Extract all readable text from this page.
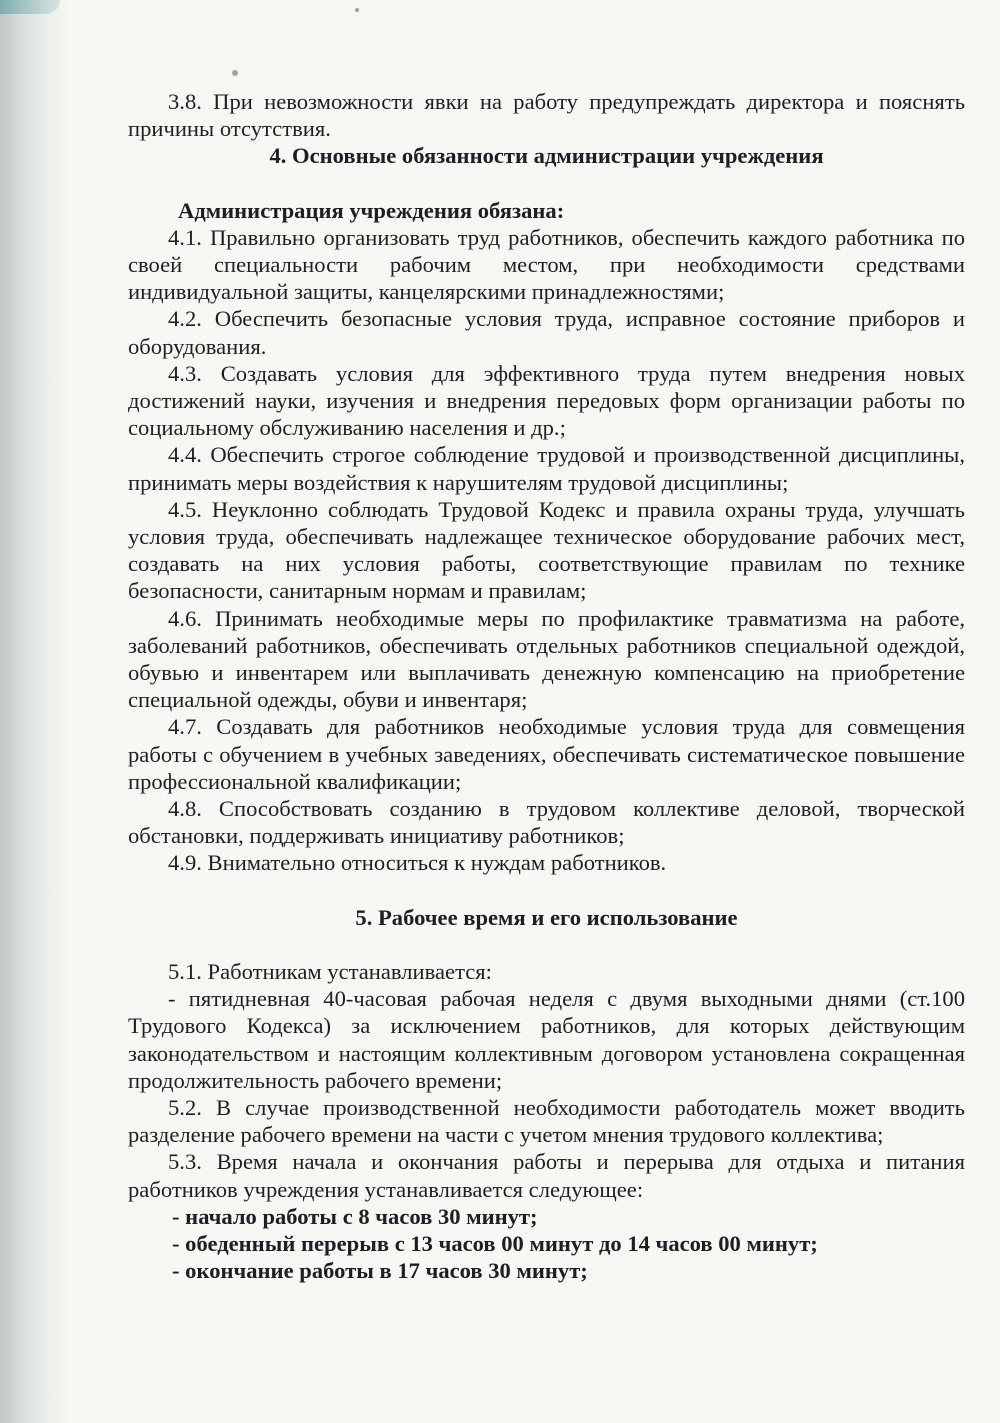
3.8. При невозможности явки на работу предупреждать директора и пояснять причины отсутствия.

4. Основные обязанности администрации учреждения

Администрация учреждения обязана:

4.1. Правильно организовать труд работников, обеспечить каждого работника по своей специальности рабочим местом, при необходимости средствами индивидуальной защиты, канцелярскими принадлежностями;

4.2. Обеспечить безопасные условия труда, исправное состояние приборов и оборудования.

4.3. Создавать условия для эффективного труда путем внедрения новых достижений науки, изучения и внедрения передовых форм организации работы по социальному обслуживанию населения и др.;

4.4. Обеспечить строгое соблюдение трудовой и производственной дисциплины, принимать меры воздействия к нарушителям трудовой дисциплины;

4.5. Неуклонно соблюдать Трудовой Кодекс и правила охраны труда, улучшать условия труда, обеспечивать надлежащее техническое оборудование рабочих мест, создавать на них условия работы, соответствующие правилам по технике безопасности, санитарным нормам и правилам;

4.6. Принимать необходимые меры по профилактике травматизма на работе, заболеваний работников, обеспечивать отдельных работников специальной одеждой, обувью и инвентарем или выплачивать денежную компенсацию на приобретение специальной одежды, обуви и инвентаря;

4.7. Создавать для работников необходимые условия труда для совмещения работы с обучением в учебных заведениях, обеспечивать систематическое повышение профессиональной квалификации;

4.8. Способствовать созданию в трудовом коллективе деловой, творческой обстановки, поддерживать инициативу работников;

4.9. Внимательно относиться к нуждам работников.

5. Рабочее время и его использование

5.1. Работникам устанавливается:

- пятидневная 40-часовая рабочая неделя с двумя выходными днями (ст.100 Трудового Кодекса) за исключением работников, для которых действующим законодательством и настоящим коллективным договором установлена сокращенная продолжительность рабочего времени;

5.2. В случае производственной необходимости работодатель может вводить разделение рабочего времени на части с учетом мнения трудового коллектива;

5.3. Время начала и окончания работы и перерыва для отдыха и питания работников учреждения устанавливается следующее:

- начало работы с 8 часов 30 минут;

- обеденный перерыв с 13 часов 00 минут до 14 часов 00 минут;

- окончание работы в 17 часов 30 минут;
